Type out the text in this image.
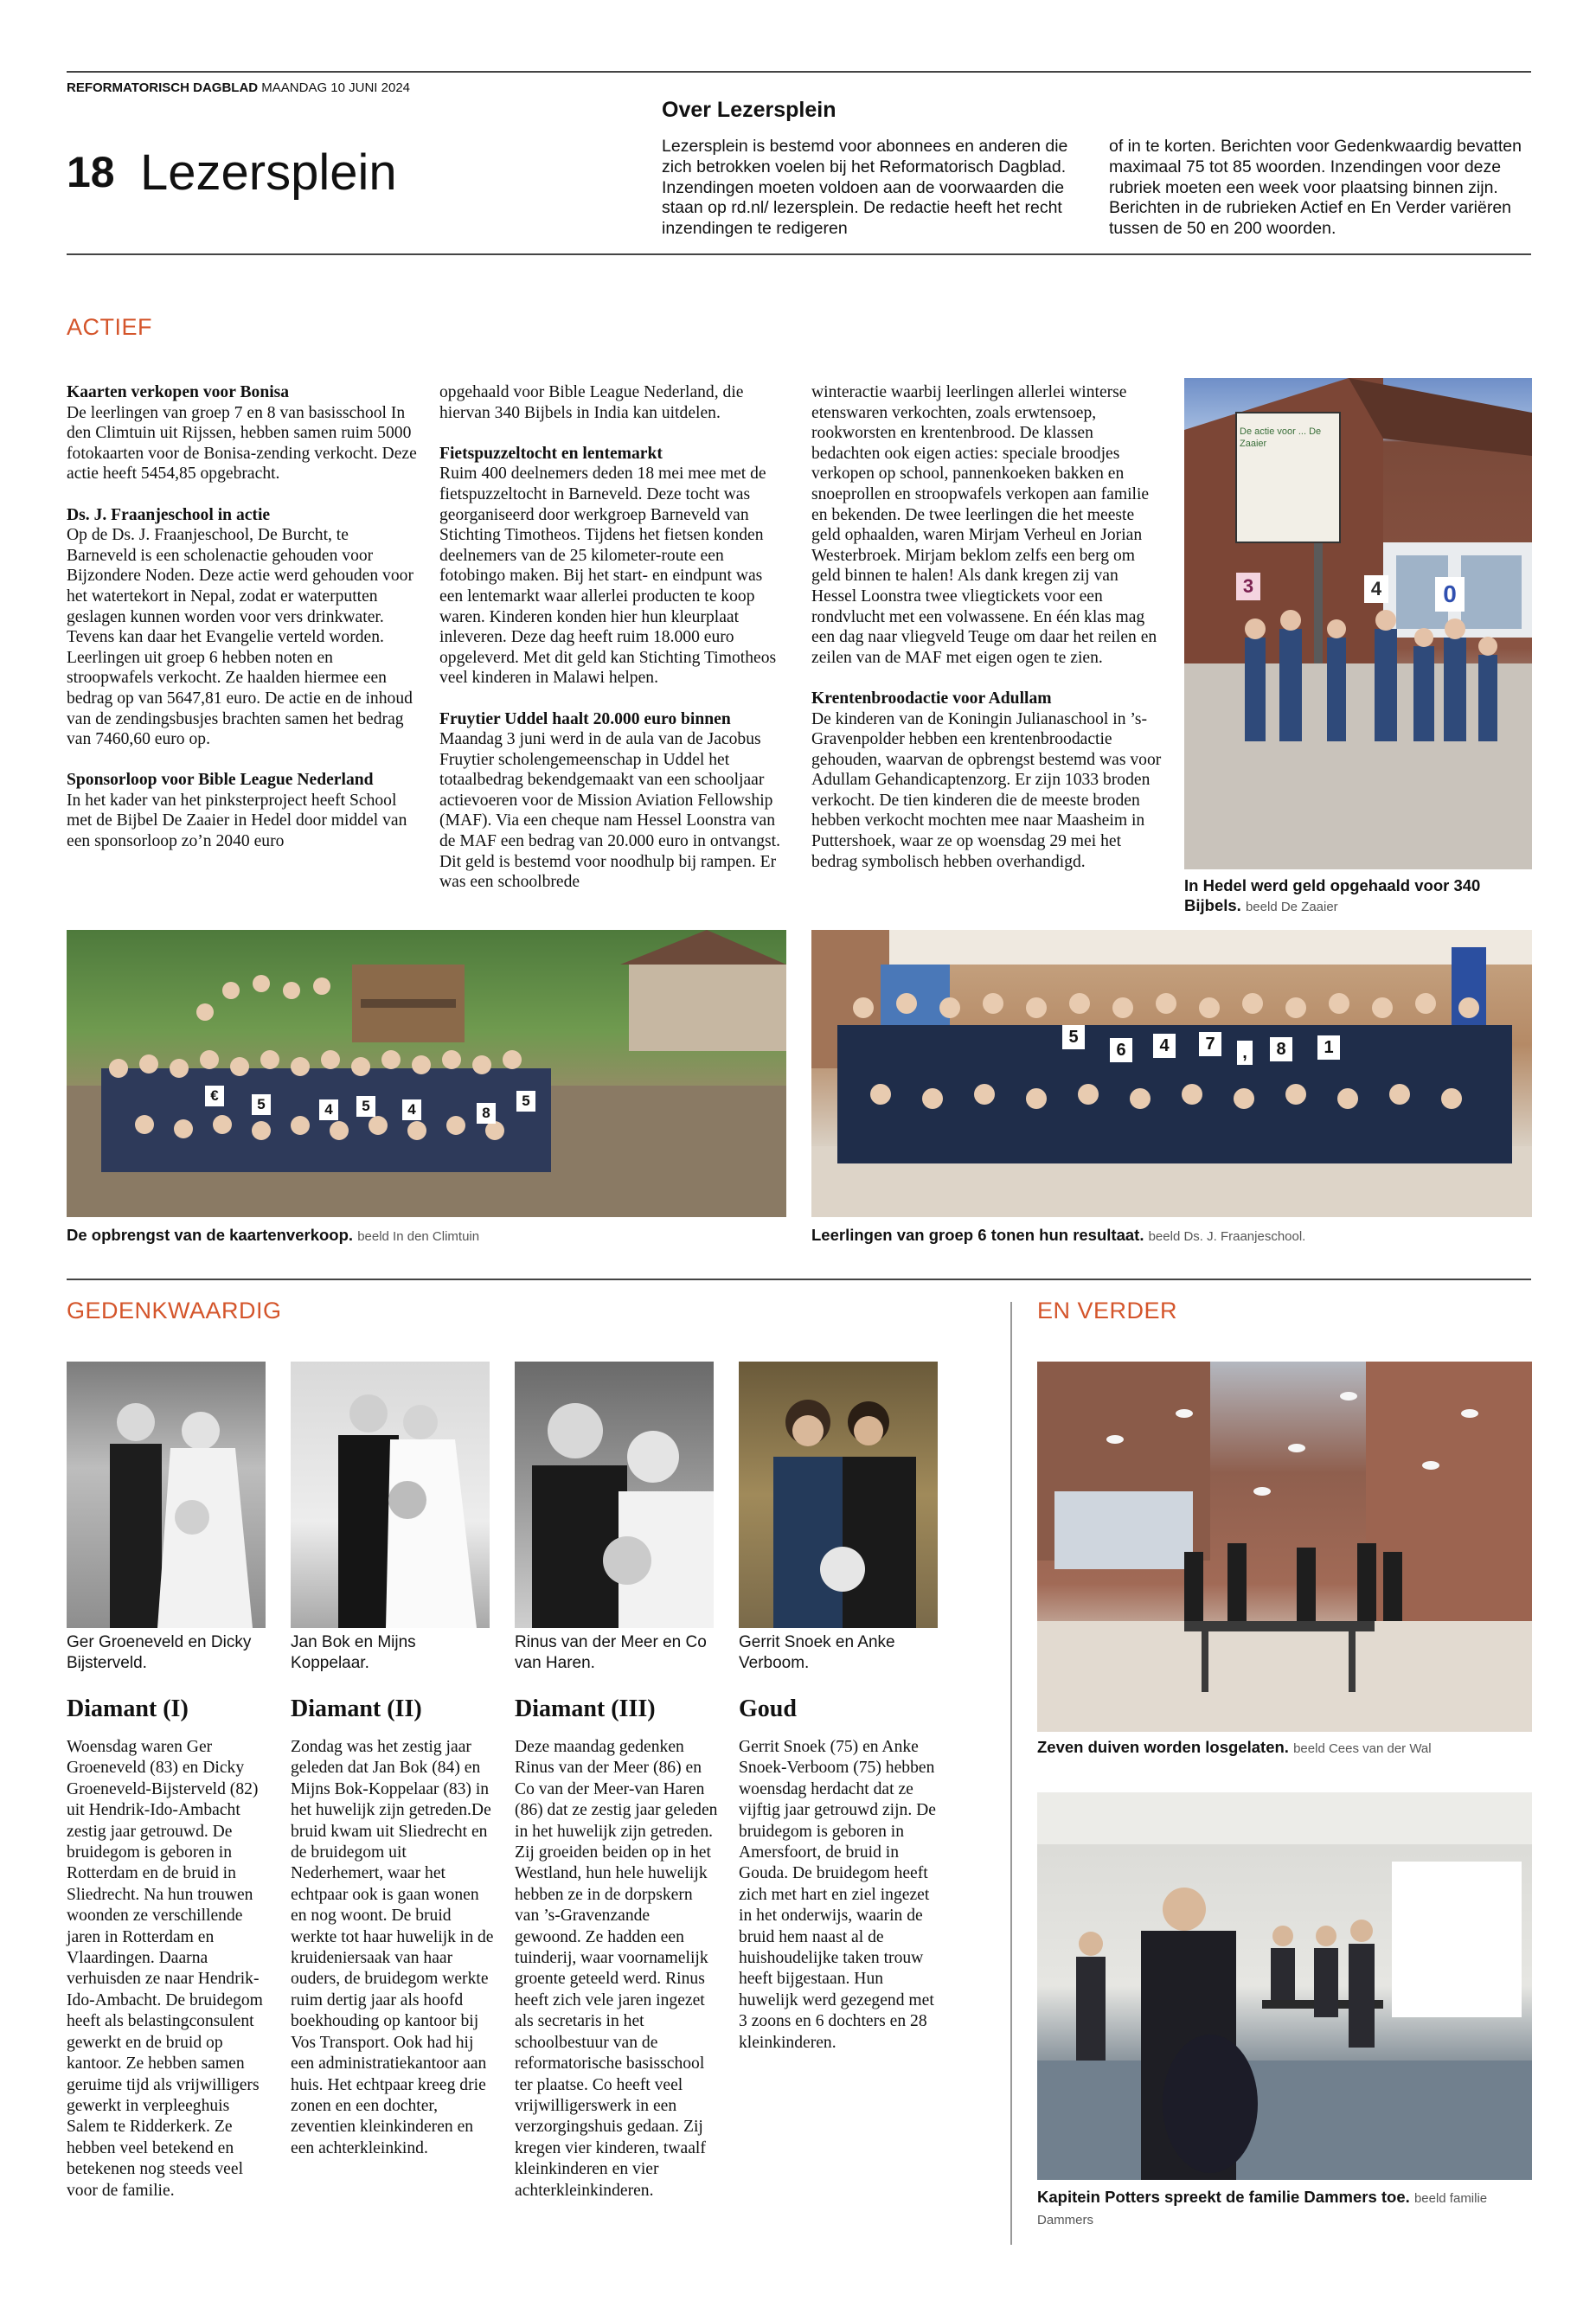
REFORMATORISCH DAGBLAD MAANDAG 10 JUNI 2024
18 Lezersplein
Over Lezersplein
Lezersplein is bestemd voor abonnees en anderen die zich betrokken voelen bij het Reformatorisch Dagblad. Inzendingen moeten voldoen aan de voorwaarden die staan op rd.nl/ lezersplein. De redactie heeft het recht inzendingen te redigeren
of in te korten. Berichten voor Gedenkwaardig bevatten maximaal 75 tot 85 woorden. Inzendingen voor deze rubriek moeten een week voor plaatsing binnen zijn. Berichten in de rubrieken Actief en En Verder variëren tussen de 50 en 200 woorden.
ACTIEF
Kaarten verkopen voor Bonisa

De leerlingen van groep 7 en 8 van basisschool In den Climtuin uit Rijssen, hebben samen ruim 5000 fotokaarten voor de Bonisa-zending verkocht. Deze actie heeft 5454,85 opgebracht.

Ds. J. Fraanjeschool in actie

Op de Ds. J. Fraanjeschool, De Burcht, te Barneveld is een scholenactie gehouden voor Bijzondere Noden. Deze actie werd gehouden voor het watertekort in Nepal, zodat er waterputten geslagen kunnen worden voor vers drinkwater. Tevens kan daar het Evangelie verteld worden. Leerlingen uit groep 6 hebben noten en stroopwafels verkocht. Ze haalden hiermee een bedrag op van 5647,81 euro. De actie en de inhoud van de zendingsbusjes brachten samen het bedrag van 7460,60 euro op.

Sponsorloop voor Bible League Nederland

In het kader van het pinksterproject heeft School met de Bijbel De Zaaier in Hedel door middel van een sponsorloop zo’n 2040 euro

opgehaald voor Bible League Nederland, die hiervan 340 Bijbels in India kan uitdelen.

Fietspuzzeltocht en lentemarkt

Ruim 400 deelnemers deden 18 mei mee met de fietspuzzeltocht in Barneveld. Deze tocht was georganiseerd door werkgroep Barneveld van Stichting Timotheos. Tijdens het fietsen konden deelnemers van de 25 kilometer-route een fotobingo maken. Bij het start- en eindpunt was een lentemarkt waar allerlei producten te koop waren. Kinderen konden hier hun kleurplaat inleveren. Deze dag heeft ruim 18.000 euro opgeleverd. Met dit geld kan Stichting Timotheos veel kinderen in Malawi helpen.

Fruytier Uddel haalt 20.000 euro binnen

Maandag 3 juni werd in de aula van de Jacobus Fruytier scholengemeenschap in Uddel het totaalbedrag bekendgemaakt van een schooljaar actievoeren voor de Mission Aviation Fellowship (MAF). Via een cheque nam Hessel Loonstra van de MAF een bedrag van 20.000 euro in ontvangst. Dit geld is bestemd voor noodhulp bij rampen. Er was een schoolbrede

winteractie waarbij leerlingen allerlei winterse etenswaren verkochten, zoals erwtensoep, rookworsten en krentenbrood. De klassen bedachten ook eigen acties: speciale broodjes verkopen op school, pannenkoeken bakken en snoeprollen en stroopwafels verkopen aan familie en bekenden. De twee leerlingen die het meeste geld ophaalden, waren Mirjam Verheul en Jorian Westerbroek. Mirjam beklom zelfs een berg om geld binnen te halen! Als dank kregen zij van Hessel Loonstra twee vliegtickets voor een rondvlucht met een volwassene. En één klas mag een dag naar vliegveld Teuge om daar het reilen en zeilen van de MAF met eigen ogen te zien.

Krentenbroodactie voor Adullam

De kinderen van de Koningin Julianaschool in ’s-Gravenpolder hebben een krentenbroodactie gehouden, waarvan de opbrengst bestemd was voor Adullam Gehandicaptenzorg. Er zijn 1033 broden verkocht. De tien kinderen die de meeste broden hebben verkocht mochten mee naar Maasheim in Puttershoek, waar ze op woensdag 29 mei het bedrag symbolisch hebben overhandigd.

De actie voor ... De Zaaier
3	4	0
In Hedel werd geld opgehaald voor 340 Bijbels. beeld De Zaaier
€
5	4	5	4	8
5
De opbrengst van de kaartenverkoop. beeld In den Climtuin
5
6	4	7	,	8	1
Leerlingen van groep 6 tonen hun resultaat. beeld Ds. J. Fraanjeschool.
GEDENKWAARDIG
Ger Groeneveld en Dicky Bijsterveld.
Jan Bok en Mijns Koppelaar.
Rinus van der Meer en Co van Haren.
Gerrit Snoek en Anke Verboom.
Diamant (I)	Diamant (II)	Diamant (III)	Goud
Woensdag waren Ger Groeneveld (83) en Dicky Groeneveld-Bijsterveld (82) uit Hendrik-Ido-Ambacht zestig jaar getrouwd. De bruidegom is geboren in Rotterdam en de bruid in Sliedrecht. Na hun trouwen woonden ze verschillende jaren in Rotterdam en Vlaardingen. Daarna verhuisden ze naar Hendrik-Ido-Ambacht. De bruidegom heeft als belastingconsulent gewerkt en de bruid op kantoor. Ze hebben samen geruime tijd als vrijwilligers gewerkt in verpleeghuis Salem te Ridderkerk. Ze hebben veel betekend en betekenen nog steeds veel voor de familie.
Zondag was het zestig jaar geleden dat Jan Bok (84) en Mijns Bok-Koppelaar (83) in het huwelijk zijn getreden.De bruid kwam uit Sliedrecht en de bruidegom uit Nederhemert, waar het echtpaar ook is gaan wonen en nog woont. De bruid werkte tot haar huwelijk in de kruideniersaak van haar ouders, de bruidegom werkte ruim dertig jaar als hoofd boekhouding op kantoor bij Vos Transport. Ook had hij een administratiekantoor aan huis. Het echtpaar kreeg drie zonen en een dochter, zeventien kleinkinderen en een achterkleinkind.
Deze maandag gedenken Rinus van der Meer (86) en Co van der Meer-van Haren (86) dat ze zestig jaar geleden in het huwelijk zijn getreden. Zij groeiden beiden op in het Westland, hun hele huwelijk hebben ze in de dorpskern van ’s-Gravenzande gewoond. Ze hadden een tuinderij, waar voornamelijk groente geteeld werd. Rinus heeft zich vele jaren ingezet als secretaris in het schoolbestuur van de reformatorische basisschool ter plaatse. Co heeft veel vrijwilligerswerk in een verzorgingshuis gedaan. Zij kregen vier kinderen, twaalf kleinkinderen en vier achterkleinkinderen.
Gerrit Snoek (75) en Anke Snoek-Verboom (75) hebben woensdag herdacht dat ze vijftig jaar getrouwd zijn. De bruidegom is geboren in Amersfoort, de bruid in Gouda. De bruidegom heeft zich met hart en ziel ingezet in het onderwijs, waarin de bruid hem naast al de huishoudelijke taken trouw heeft bijgestaan. Hun huwelijk werd gezegend met 3 zoons en 6 dochters en 28 kleinkinderen.
EN VERDER
Zeven duiven worden losgelaten. beeld Cees van der Wal
Kapitein Potters spreekt de familie Dammers toe. beeld familie Dammers
